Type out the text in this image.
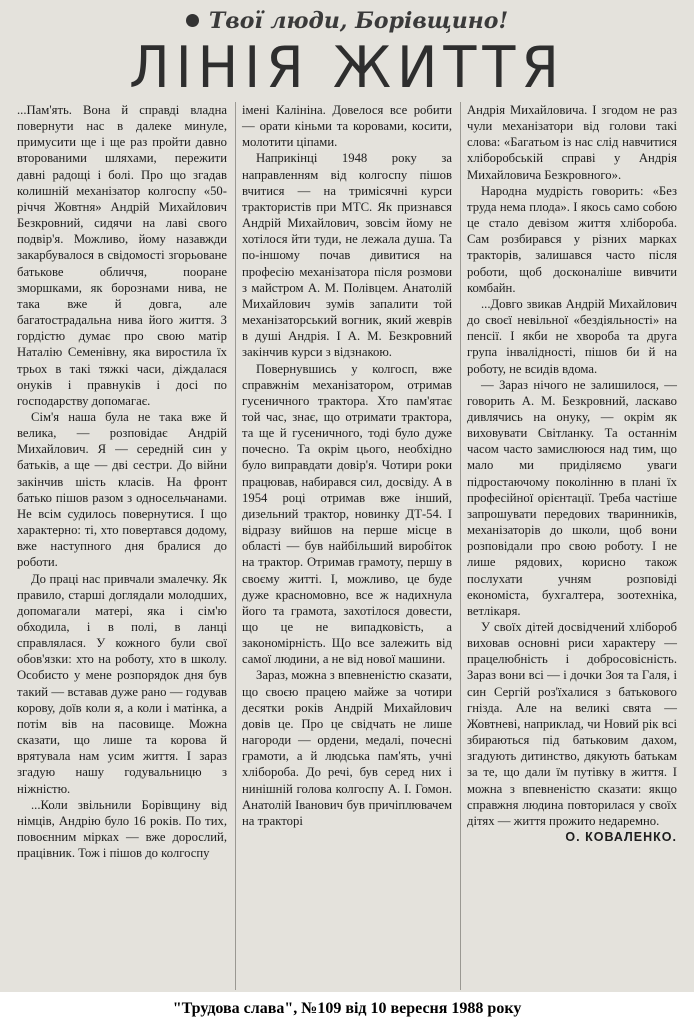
Твої люди, Борівщино!
ЛІНІЯ ЖИТТЯ

...Пам'ять. Вона й справді владна повернути нас в далеке минуле, примусити ще і ще раз пройти давно второваними шляхами, пережити давні радощі і болі. Про що згадав колишній механізатор колгоспу «50-річчя Жовтня» Андрій Михайлович Безкровний, сидячи на лаві свого подвір'я. Можливо, йому назавжди закарбувалося в свідомості згорьоване батькове обличчя, пооране зморшками, як борознами нива, не така вже й довга, але багатострадальна нива його життя. З гордістю думає про свою матір Наталію Семенівну, яка виростила їх трьох в такі тяжкі часи, діждалася онуків і правнуків і досі по господарству допомагає.

Сім'я наша була не така вже й велика, — розповідає Андрій Михайлович. Я — середній син у батьків, а ще — дві сестри. До війни закінчив шість класів. На фронт батько пішов разом з односельчанами. Не всім судилось повернутися. І що характерно: ті, хто повертався додому, вже наступного дня бралися до роботи.

До праці нас привчали змалечку. Як правило, старші доглядали молодших, допомагали матері, яка і сім'ю обходила, і в полі, в ланці справлялася. У кожного були свої обов'язки: хто на роботу, хто в школу. Особисто у мене розпорядок дня був такий — вставав дуже рано — годував корову, доїв коли я, а коли і матінка, а потім вів на пасовище. Можна сказати, що лише та корова й врятувала нам усим життя. І зараз згадую нашу годувальницю з ніжністю.

...Коли звільнили Борівщину від німців, Андрію було 16 років. По тих, повоєнним мірках — вже дорослий, працівник. Тож і пішов до колгоспу

імені Калініна. Довелося все робити — орати кіньми та коровами, косити, молотити ціпами.

Наприкінці 1948 року за направленням від колгоспу пішов вчитися — на тримісячні курси трактористів при МТС. Як признався Андрій Михайлович, зовсім йому не хотілося йти туди, не лежала душа. Та по-іншому почав дивитися на професію механізатора після розмови з майстром А. М. Полівцем. Анатолій Михайлович зумів запалити той механізаторський вогник, який жеврів в душі Андрія. І А. М. Безкровний закінчив курси з відзнакою.

Повернувшись у колгосп, вже справжнім механізатором, отримав гусеничного трактора. Хто пам'ятає той час, знає, що отримати трактора, та ще й гусеничного, тоді було дуже почесно. Та окрім цього, необхідно було виправдати довір'я. Чотири роки працював, набирався сил, досвіду. А в 1954 році отримав вже інший, дизельний трактор, новинку ДТ-54. І відразу вийшов на перше місце в області — був найбільший виробіток на трактор. Отримав грамоту, першу в своєму житті. І, можливо, це буде дуже красномовно, все ж надихнула його та грамота, захотілося довести, що це не випадковість, а закономірність. Що все залежить від самої людини, а не від нової машини.

Зараз, можна з впевненістю сказати, що своєю працею майже за чотири десятки років Андрій Михайлович довів це. Про це свідчать не лише нагороди — ордени, медалі, почесні грамоти, а й людська пам'ять, учні хлібороба. До речі, був серед них і нинішній голова колгоспу А. І. Гомон. Анатолій Іванович був причіплювачем на тракторі

Андрія Михайловича. І згодом не раз чули механізатори від голови такі слова: «Багатьом із нас слід навчитися хліборобській справі у Андрія Михайловича Безкровного».

Народна мудрість говорить: «Без труда нема плода». І якось само собою це стало девізом життя хлібороба. Сам розбирався у різних марках тракторів, залишався часто після роботи, щоб досконаліше вивчити комбайн.

...Довго звикав Андрій Михайлович до своєї невільної «бездіяльності» на пенсії. І якби не хвороба та друга група інвалідності, пішов би й на роботу, не всидів вдома.

— Зараз нічого не залишилося, — говорить А. М. Безкровний, ласкаво дивлячись на онуку, — окрім як виховувати Світланку. Та останнім часом часто замислююся над тим, що мало ми приділяємо уваги підростаючому поколінню в плані їх професійної орієнтації. Треба частіше запрошувати передових тваринників, механізаторів до школи, щоб вони розповідали про свою роботу. І не лише рядових, корисно також послухати учням розповіді економіста, бухгалтера, зоотехніка, ветлікаря.

У своїх дітей досвідчений хлібороб виховав основні риси характеру — працелюбність і добросовісність. Зараз вони всі — і дочки Зоя та Галя, і син Сергій роз'їхалися з батькового гнізда. Але на великі свята — Жовтневі, наприклад, чи Новий рік всі збираються під батьковим дахом, згадують дитинство, дякують батькам за те, що дали їм путівку в життя. І можна з впевненістю сказати: якщо справжня людина повторилася у своїх дітях — життя прожито недаремно.

О. КОВАЛЕНКО.

"Трудова слава", №109 від 10 вересня 1988 року
